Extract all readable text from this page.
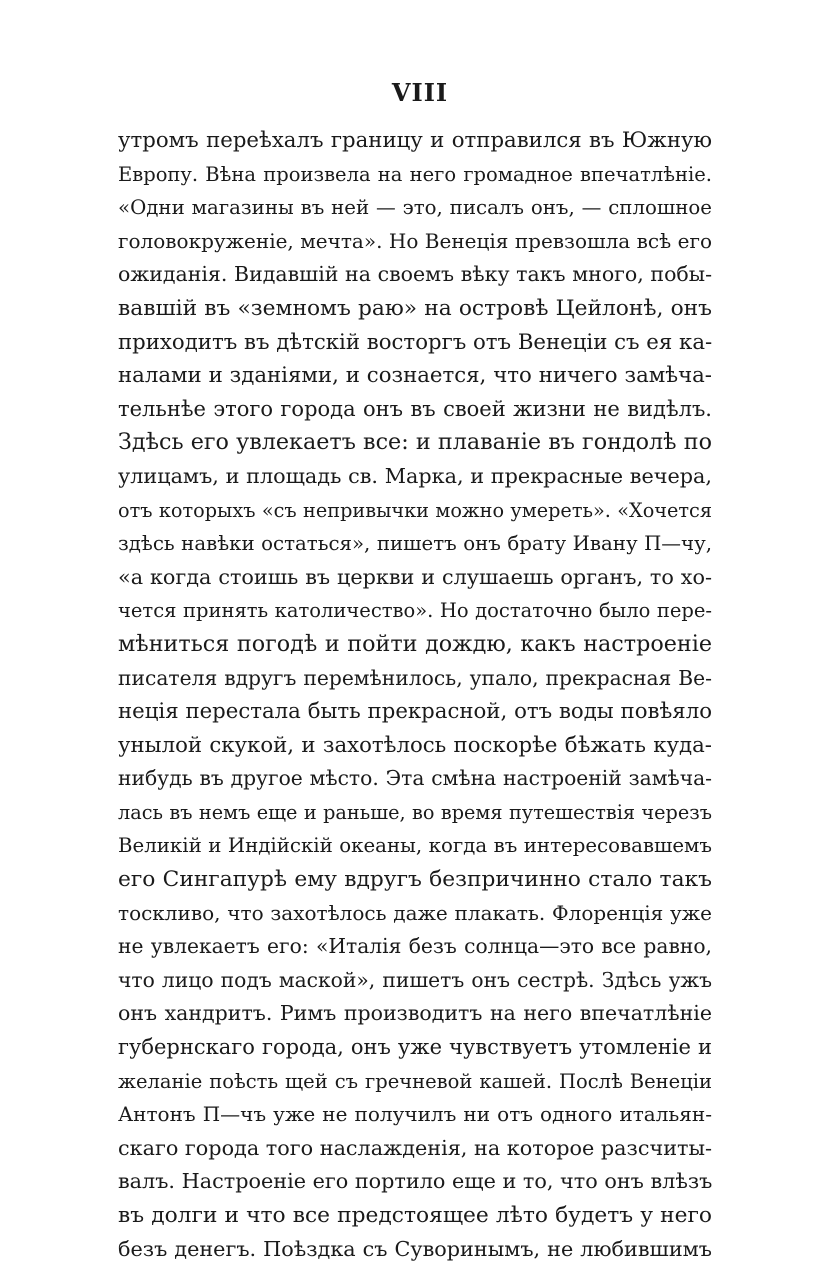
VIII
утромъ переѣхалъ границу и отправился въ Южную
Европу. Вѣна произвела на него громадное впечатлѣніе.
«Одни магазины въ ней — это, писалъ онъ, — сплошное
головокруженіе, мечта». Но Венеція превзошла всѣ его
ожиданія. Видавшій на своемъ вѣку такъ много, побы-
вавшій въ «земномъ раю» на островѣ Цейлонѣ, онъ
приходитъ въ дѣтскій восторгъ отъ Венеціи съ ея ка-
налами и зданіями, и сознается, что ничего замѣча-
тельнѣе этого города онъ въ своей жизни не видѣлъ.
Здѣсь его увлекаетъ все: и плаваніе въ гондолѣ по
улицамъ, и площадь св. Марка, и прекрасные вечера,
отъ которыхъ «съ непривычки можно умереть». «Хочется
здѣсь навѣки остаться», пишетъ онъ брату Ивану П—чу,
«а когда стоишь въ церкви и слушаешь органъ, то хо-
чется принять католичество». Но достаточно было пере-
мѣниться погодѣ и пойти дождю, какъ настроеніе
писателя вдругъ перемѣнилось, упало, прекрасная Ве-
неція перестала быть прекрасной, отъ воды повѣяло
унылой скукой, и захотѣлось поскорѣе бѣжать куда-
нибудь въ другое мѣсто. Эта смѣна настроеній замѣча-
лась въ немъ еще и раньше, во время путешествія черезъ
Великій и Индійскій океаны, когда въ интересовавшемъ
его Сингапурѣ ему вдругъ безпричинно стало такъ
тоскливо, что захотѣлось даже плакать. Флоренція уже
не увлекаетъ его: «Италія безъ солнца—это все равно,
что лицо подъ маской», пишетъ онъ сестрѣ. Здѣсь ужъ
онъ хандритъ. Римъ производитъ на него впечатлѣніе
губернскаго города, онъ уже чувствуетъ утомленіе и
желаніе поѣсть щей съ гречневой кашей. Послѣ Венеціи
Антонъ П—чъ уже не получилъ ни отъ одного итальян-
скаго города того наслажденія, на которое разсчиты-
валъ. Настроеніе его портило еще и то, что онъ влѣзъ
въ долги и что все предстоящее лѣто будетъ у него
безъ денегъ. Поѣздка съ Суворинымъ, не любившимъ
